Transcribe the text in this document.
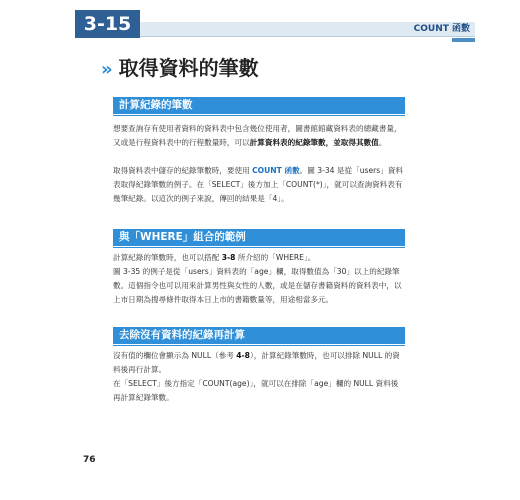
3-15	COUNT 函數
» 取得資料的筆數
計算紀錄的筆數
想要查詢存有使用者資料的資料表中包含幾位使用者，圖書館館藏資料表的總藏書量，又或是行程資料表中的行程數量時，可以計算資料表的紀錄筆數，並取得其數值。
取得資料表中儲存的紀錄筆數時，要使用 COUNT 函數。圖 3-34 是從「users」資料表取得紀錄筆數的例子。在「SELECT」後方加上「COUNT(*)」，就可以查詢資料表有幾筆紀錄。以這次的例子來說，傳回的結果是「4」。
與「WHERE」組合的範例
計算紀錄的筆數時，也可以搭配 3-8 所介紹的「WHERE」。
圖 3-35 的例子是從「users」資料表的「age」欄，取得數值為「30」以上的紀錄筆數。這個指令也可以用來計算男性與女性的人數，或是在儲存書籍資料的資料表中，以上市日期為搜尋條件取得本日上市的書籍數量等，用途相當多元。
去除沒有資料的紀錄再計算
沒有值的欄位會顯示為 NULL（參考 4-8），計算紀錄筆數時，也可以排除 NULL 的資料後再行計算。
在「SELECT」後方指定「COUNT(age)」，就可以在排除「age」欄的 NULL 資料後再計算紀錄筆數。
76
